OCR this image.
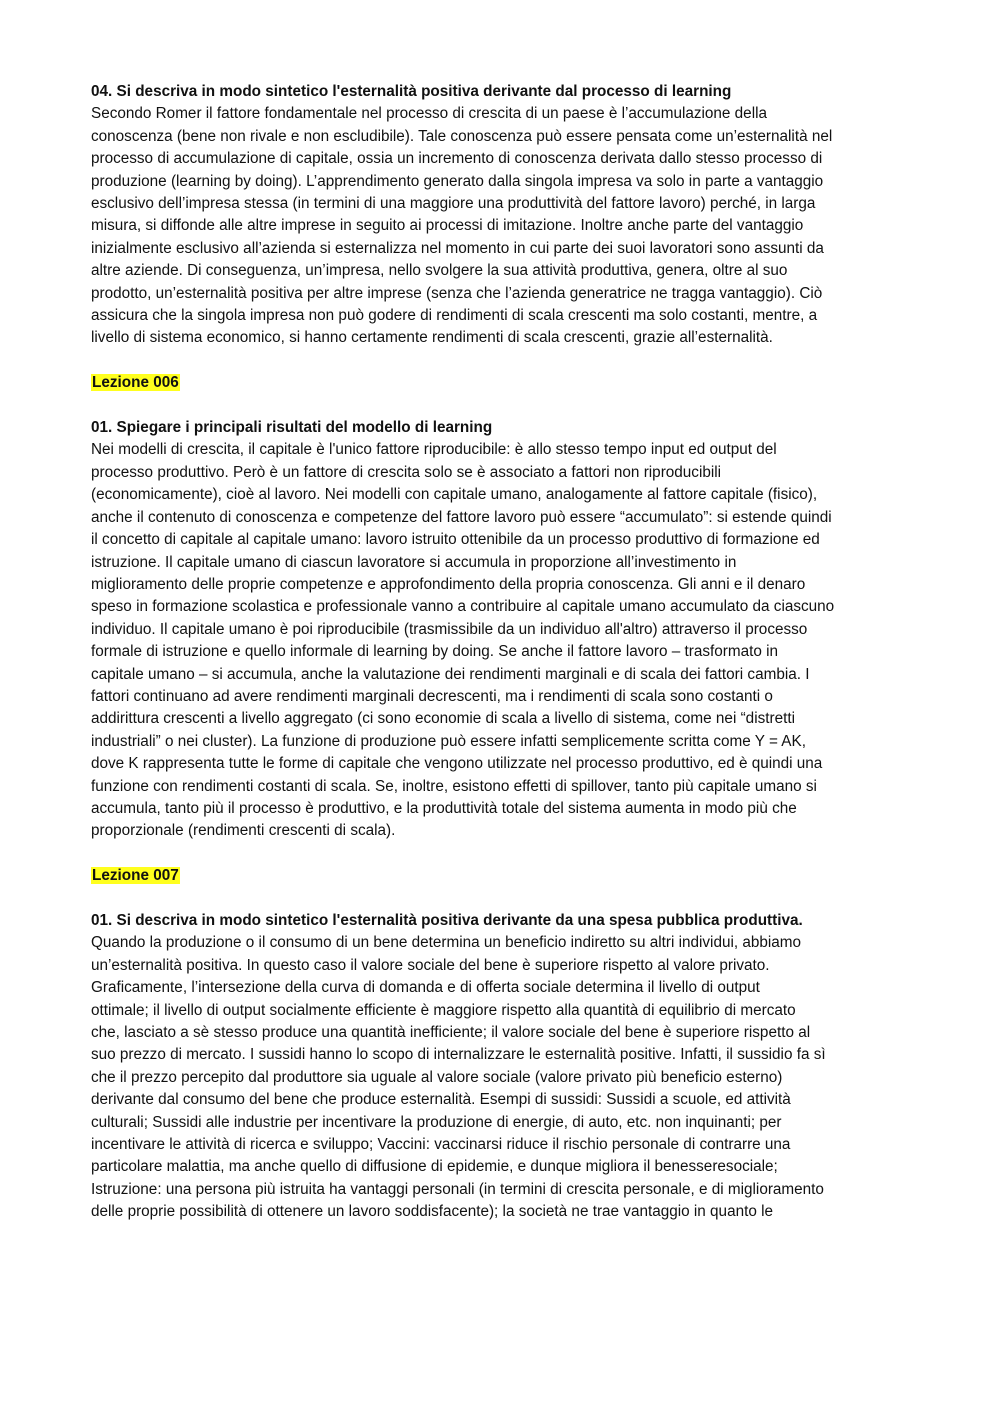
04. Si descriva in modo sintetico l'esternalità positiva derivante dal processo di learning

Secondo Romer il fattore fondamentale nel processo di crescita di un paese è l’accumulazione della
conoscenza (bene non rivale e non escludibile). Tale conoscenza può essere pensata come un’esternalità nel
processo di accumulazione di capitale, ossia un incremento di conoscenza derivata dallo stesso processo di
produzione (learning by doing). L’apprendimento generato dalla singola impresa va solo in parte a vantaggio
esclusivo dell’impresa stessa (in termini di una maggiore una produttività del fattore lavoro) perché, in larga
misura, si diffonde alle altre imprese in seguito ai processi di imitazione. Inoltre anche parte del vantaggio
inizialmente esclusivo all’azienda si esternalizza nel momento in cui parte dei suoi lavoratori sono assunti da
altre aziende. Di conseguenza, un’impresa, nello svolgere la sua attività produttiva, genera, oltre al suo
prodotto, un’esternalità positiva per altre imprese (senza che l’azienda generatrice ne tragga vantaggio). Ciò
assicura che la singola impresa non può godere di rendimenti di scala crescenti ma solo costanti, mentre, a
livello di sistema economico, si hanno certamente rendimenti di scala crescenti, grazie all’esternalità.

Lezione 006

01. Spiegare i principali risultati del modello di learning

Nei modelli di crescita, il capitale è l'unico fattore riproducibile: è allo stesso tempo input ed output del
processo produttivo. Però è un fattore di crescita solo se è associato a fattori non riproducibili
(economicamente), cioè al lavoro. Nei modelli con capitale umano, analogamente al fattore capitale (fisico),
anche il contenuto di conoscenza e competenze del fattore lavoro può essere “accumulato”: si estende quindi
il concetto di capitale al capitale umano: lavoro istruito ottenibile da un processo produttivo di formazione ed
istruzione. Il capitale umano di ciascun lavoratore si accumula in proporzione all’investimento in
miglioramento delle proprie competenze e approfondimento della propria conoscenza. Gli anni e il denaro
speso in formazione scolastica e professionale vanno a contribuire al capitale umano accumulato da ciascuno
individuo. Il capitale umano è poi riproducibile (trasmissibile da un individuo all'altro) attraverso il processo
formale di istruzione e quello informale di learning by doing. Se anche il fattore lavoro – trasformato in
capitale umano – si accumula, anche la valutazione dei rendimenti marginali e di scala dei fattori cambia. I
fattori continuano ad avere rendimenti marginali decrescenti, ma i rendimenti di scala sono costanti o
addirittura crescenti a livello aggregato (ci sono economie di scala a livello di sistema, come nei “distretti
industriali” o nei cluster). La funzione di produzione può essere infatti semplicemente scritta come Y = AK,
dove K rappresenta tutte le forme di capitale che vengono utilizzate nel processo produttivo, ed è quindi una
funzione con rendimenti costanti di scala. Se, inoltre, esistono effetti di spillover, tanto più capitale umano si
accumula, tanto più il processo è produttivo, e la produttività totale del sistema aumenta in modo più che
proporzionale (rendimenti crescenti di scala).

Lezione 007

01. Si descriva in modo sintetico l'esternalità positiva derivante da una spesa pubblica produttiva.

Quando la produzione o il consumo di un bene determina un beneficio indiretto su altri individui, abbiamo
un’esternalità positiva. In questo caso il valore sociale del bene è superiore rispetto al valore privato.
Graficamente, l’intersezione della curva di domanda e di offerta sociale determina il livello di output
ottimale; il livello di output socialmente efficiente è maggiore rispetto alla quantità di equilibrio di mercato
che, lasciato a sè stesso produce una quantità inefficiente; il valore sociale del bene è superiore rispetto al
suo prezzo di mercato. I sussidi hanno lo scopo di internalizzare le esternalità positive. Infatti, il sussidio fa sì
che il prezzo percepito dal produttore sia uguale al valore sociale (valore privato più beneficio esterno)
derivante dal consumo del bene che produce esternalità. Esempi di sussidi: Sussidi a scuole, ed attività
culturali; Sussidi alle industrie per incentivare la produzione di energie, di auto, etc. non inquinanti; per
incentivare le attività di ricerca e sviluppo; Vaccini: vaccinarsi riduce il rischio personale di contrarre una
particolare malattia, ma anche quello di diffusione di epidemie, e dunque migliora il benesseresociale;
Istruzione: una persona più istruita ha vantaggi personali (in termini di crescita personale, e di miglioramento
delle proprie possibilità di ottenere un lavoro soddisfacente); la società ne trae vantaggio in quanto le
